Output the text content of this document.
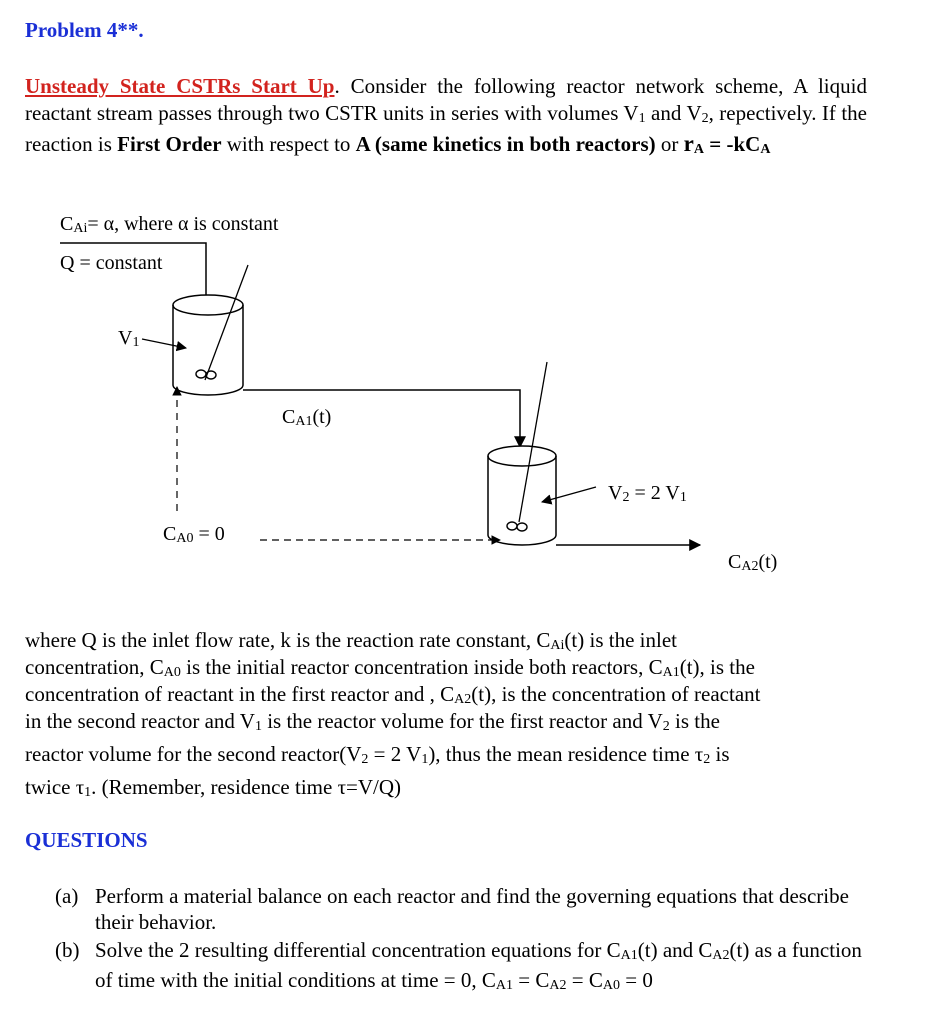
Problem 4**.
Unsteady State CSTRs Start Up. Consider the following reactor network scheme, A liquid reactant stream passes through two CSTR units in series with volumes V1 and V2, repectively. If the reaction is First Order with respect to A (same kinetics in both reactors) or rA = -kCA
CAi= α, where α is constant
Q = constant
V1
CA1(t)
V2 = 2 V1
CA0 = 0
CA2(t)
where Q is the inlet flow rate, k is the reaction rate constant, CAi(t) is the inlet
concentration, CA0 is the initial reactor concentration inside both reactors, CA1(t), is the
concentration of reactant in the first reactor and , CA2(t), is the concentration of reactant
in the second reactor and V1 is the reactor volume for the first reactor and V2 is the
reactor volume for the second reactor(V2 = 2 V1), thus the mean residence time τ2 is
twice τ1. (Remember, residence time τ=V/Q)
QUESTIONS
(a) Perform a material balance on each reactor and find the governing equations that describe their behavior.
(b) Solve the 2 resulting differential concentration equations for CA1(t) and CA2(t) as a function of time with the initial conditions at time = 0, CA1 = CA2 = CA0 = 0
